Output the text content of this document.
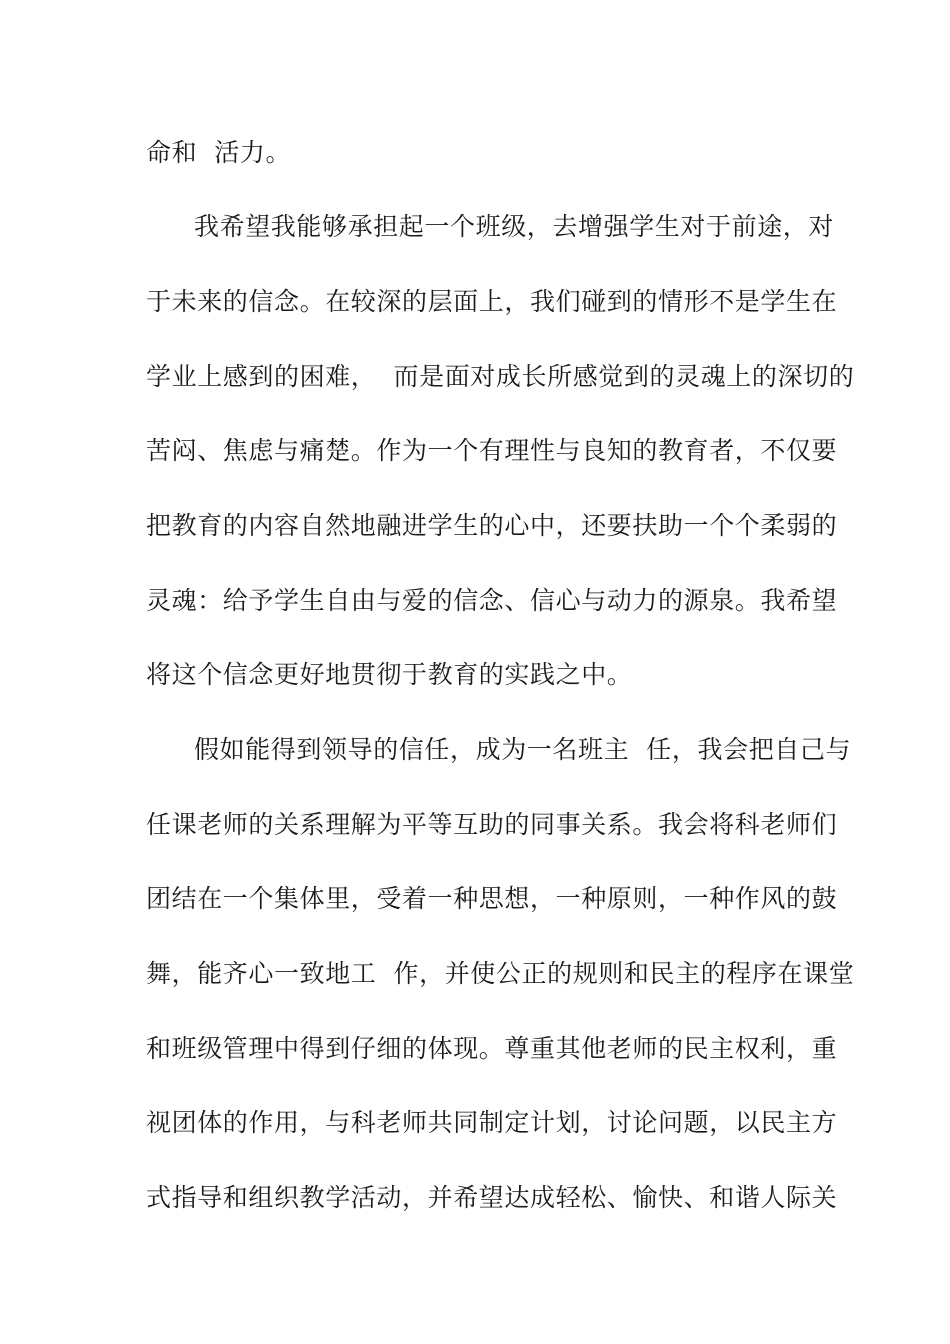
命和  活力。
我希望我能够承担起一个班级，去增强学生对于前途，对
于未来的信念。在较深的层面上，我们碰到的情形不是学生在
学业上感到的困难，  而是面对成长所感觉到的灵魂上的深切的
苦闷、焦虑与痛楚。作为一个有理性与良知的教育者，不仅要
把教育的内容自然地融进学生的心中，还要扶助一个个柔弱的
灵魂：给予学生自由与爱的信念、信心与动力的源泉。我希望
将这个信念更好地贯彻于教育的实践之中。
假如能得到领导的信任，成为一名班主  任，我会把自己与
任课老师的关系理解为平等互助的同事关系。我会将科老师们
团结在一个集体里，受着一种思想，一种原则，一种作风的鼓
舞，能齐心一致地工  作，并使公正的规则和民主的程序在课堂
和班级管理中得到仔细的体现。尊重其他老师的民主权利，重
视团体的作用，与科老师共同制定计划，讨论问题，以民主方
式指导和组织教学活动，并希望达成轻松、愉快、和谐人际关
